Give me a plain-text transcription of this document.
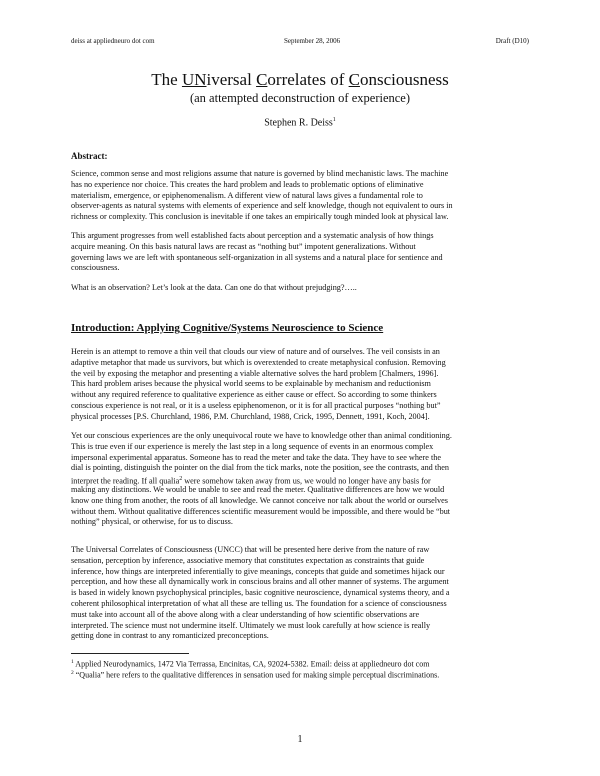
deiss at appliedneuro dot com	September 28, 2006	Draft (D10)
The UNiversal Correlates of Consciousness
(an attempted deconstruction of experience)
Stephen R. Deiss$^1$
Abstract:
Science, common sense and most religions assume that nature is governed by blind mechanistic laws. The machine
has no experience nor choice. This creates the hard problem and leads to problematic options of eliminative
materialism, emergence, or epiphenomenalism. A different view of natural laws gives a fundamental role to
observer-agents as natural systems with elements of experience and self knowledge, though not equivalent to ours in
richness or complexity. This conclusion is inevitable if one takes an empirically tough minded look at physical law.
This argument progresses from well established facts about perception and a systematic analysis of how things
acquire meaning. On this basis natural laws are recast as “nothing but” impotent generalizations. Without
governing laws we are left with spontaneous self-organization in all systems and a natural place for sentience and
consciousness.
What is an observation? Let’s look at the data. Can one do that without prejudging?…..
Introduction: Applying Cognitive/Systems Neuroscience to Science
Herein is an attempt to remove a thin veil that clouds our view of nature and of ourselves. The veil consists in an
adaptive metaphor that made us survivors, but which is overextended to create metaphysical confusion. Removing
the veil by exposing the metaphor and presenting a viable alternative solves the hard problem [Chalmers, 1996].
This hard problem arises because the physical world seems to be explainable by mechanism and reductionism
without any required reference to qualitative experience as either cause or effect. So according to some thinkers
conscious experience is not real, or it is a useless epiphenomenon, or it is for all practical purposes “nothing but”
physical processes [P.S. Churchland, 1986, P.M. Churchland, 1988, Crick, 1995, Dennett, 1991, Koch, 2004].
Yet our conscious experiences are the only unequivocal route we have to knowledge other than animal conditioning.
This is true even if our experience is merely the last step in a long sequence of events in an enormous complex
impersonal experimental apparatus. Someone has to read the meter and take the data. They have to see where the
dial is pointing, distinguish the pointer on the dial from the tick marks, note the position, see the contrasts, and then
interpret the reading. If all qualia$^2$ were somehow taken away from us, we would no longer have any basis for
making any distinctions. We would be unable to see and read the meter. Qualitative differences are how we would
know one thing from another, the roots of all knowledge. We cannot conceive nor talk about the world or ourselves
without them. Without qualitative differences scientific measurement would be impossible, and there would be “but
nothing” physical, or otherwise, for us to discuss.
The Universal Correlates of Consciousness (UNCC) that will be presented here derive from the nature of raw
sensation, perception by inference, associative memory that constitutes expectation as constraints that guide
inference, how things are interpreted inferentially to give meanings, concepts that guide and sometimes hijack our
perception, and how these all dynamically work in conscious brains and all other manner of systems. The argument
is based in widely known psychophysical principles, basic cognitive neuroscience, dynamical systems theory, and a
coherent philosophical interpretation of what all these are telling us. The foundation for a science of consciousness
must take into account all of the above along with a clear understanding of how scientific observations are
interpreted. The science must not undermine itself. Ultimately we must look carefully at how science is really
getting done in contrast to any romanticized preconceptions.
$^1$ Applied Neurodynamics, 1472 Via Terrassa, Encinitas, CA, 92024-5382. Email: deiss at appliedneuro dot com
$^2$ “Qualia” here refers to the qualitative differences in sensation used for making simple perceptual discriminations.
1
